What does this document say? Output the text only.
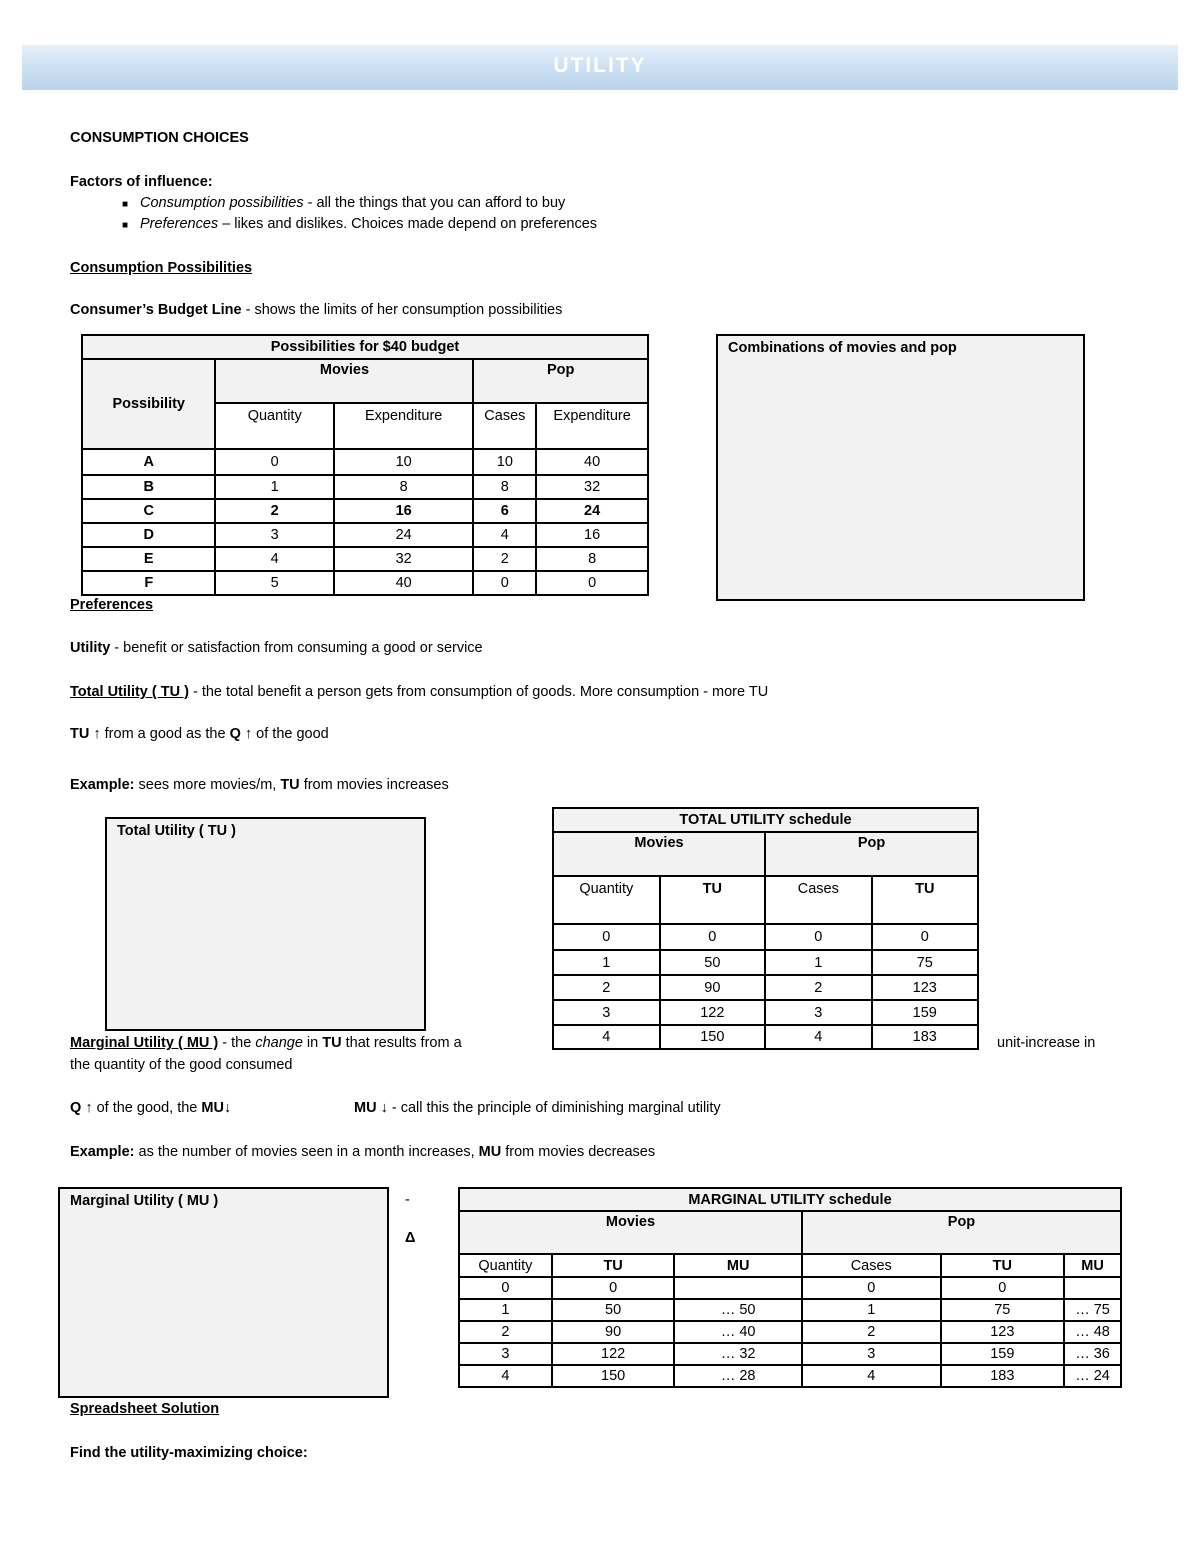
UTILITY
CONSUMPTION CHOICES
Factors of influence:
■ Consumption possibilities - all the things that you can afford to buy
■ Preferences – likes and dislikes. Choices made depend on preferences
Consumption Possibilities
Consumer’s Budget Line - shows the limits of her consumption possibilities
Possibilities for $40 budget				
Possibility	Movies		Pop	
	Quantity	Expenditure	Cases	Expenditure
A	0	10	10	40
B	1	8	8	32
C	2	16	6	24
D	3	24	4	16
E	4	32	2	8
F	5	40	0	0
Combinations of movies and pop
Preferences
Utility - benefit or satisfaction from consuming a good or service
Total Utility ( TU ) - the total benefit a person gets from consumption of goods. More consumption - more TU
TU ↑ from a good as the Q ↑ of the good
Example: sees more movies/m, TU from movies increases
Total Utility ( TU )
TOTAL UTILITY schedule			
Movies		Pop	
Quantity	TU	Cases	TU
0	0	0	0
1	50	1	75
2	90	2	123
3	122	3	159
4	150	4	183
Marginal Utility ( MU ) - the change in TU that results from a	unit-increase in
the quantity of the good consumed
Q ↑ of the good, the MU↓	MU ↓ - call this the principle of diminishing marginal utility
Example: as the number of movies seen in a month increases, MU from movies decreases
Marginal Utility ( MU )	-
Δ
MARGINAL UTILITY schedule					
Movies			Pop		
Quantity	TU	MU	Cases	TU	MU
0	0		0	0	
1	50	… 50	1	75	… 75
2	90	… 40	2	123	… 48
3	122	… 32	3	159	… 36
4	150	… 28	4	183	… 24
Spreadsheet Solution
Find the utility-maximizing choice:
